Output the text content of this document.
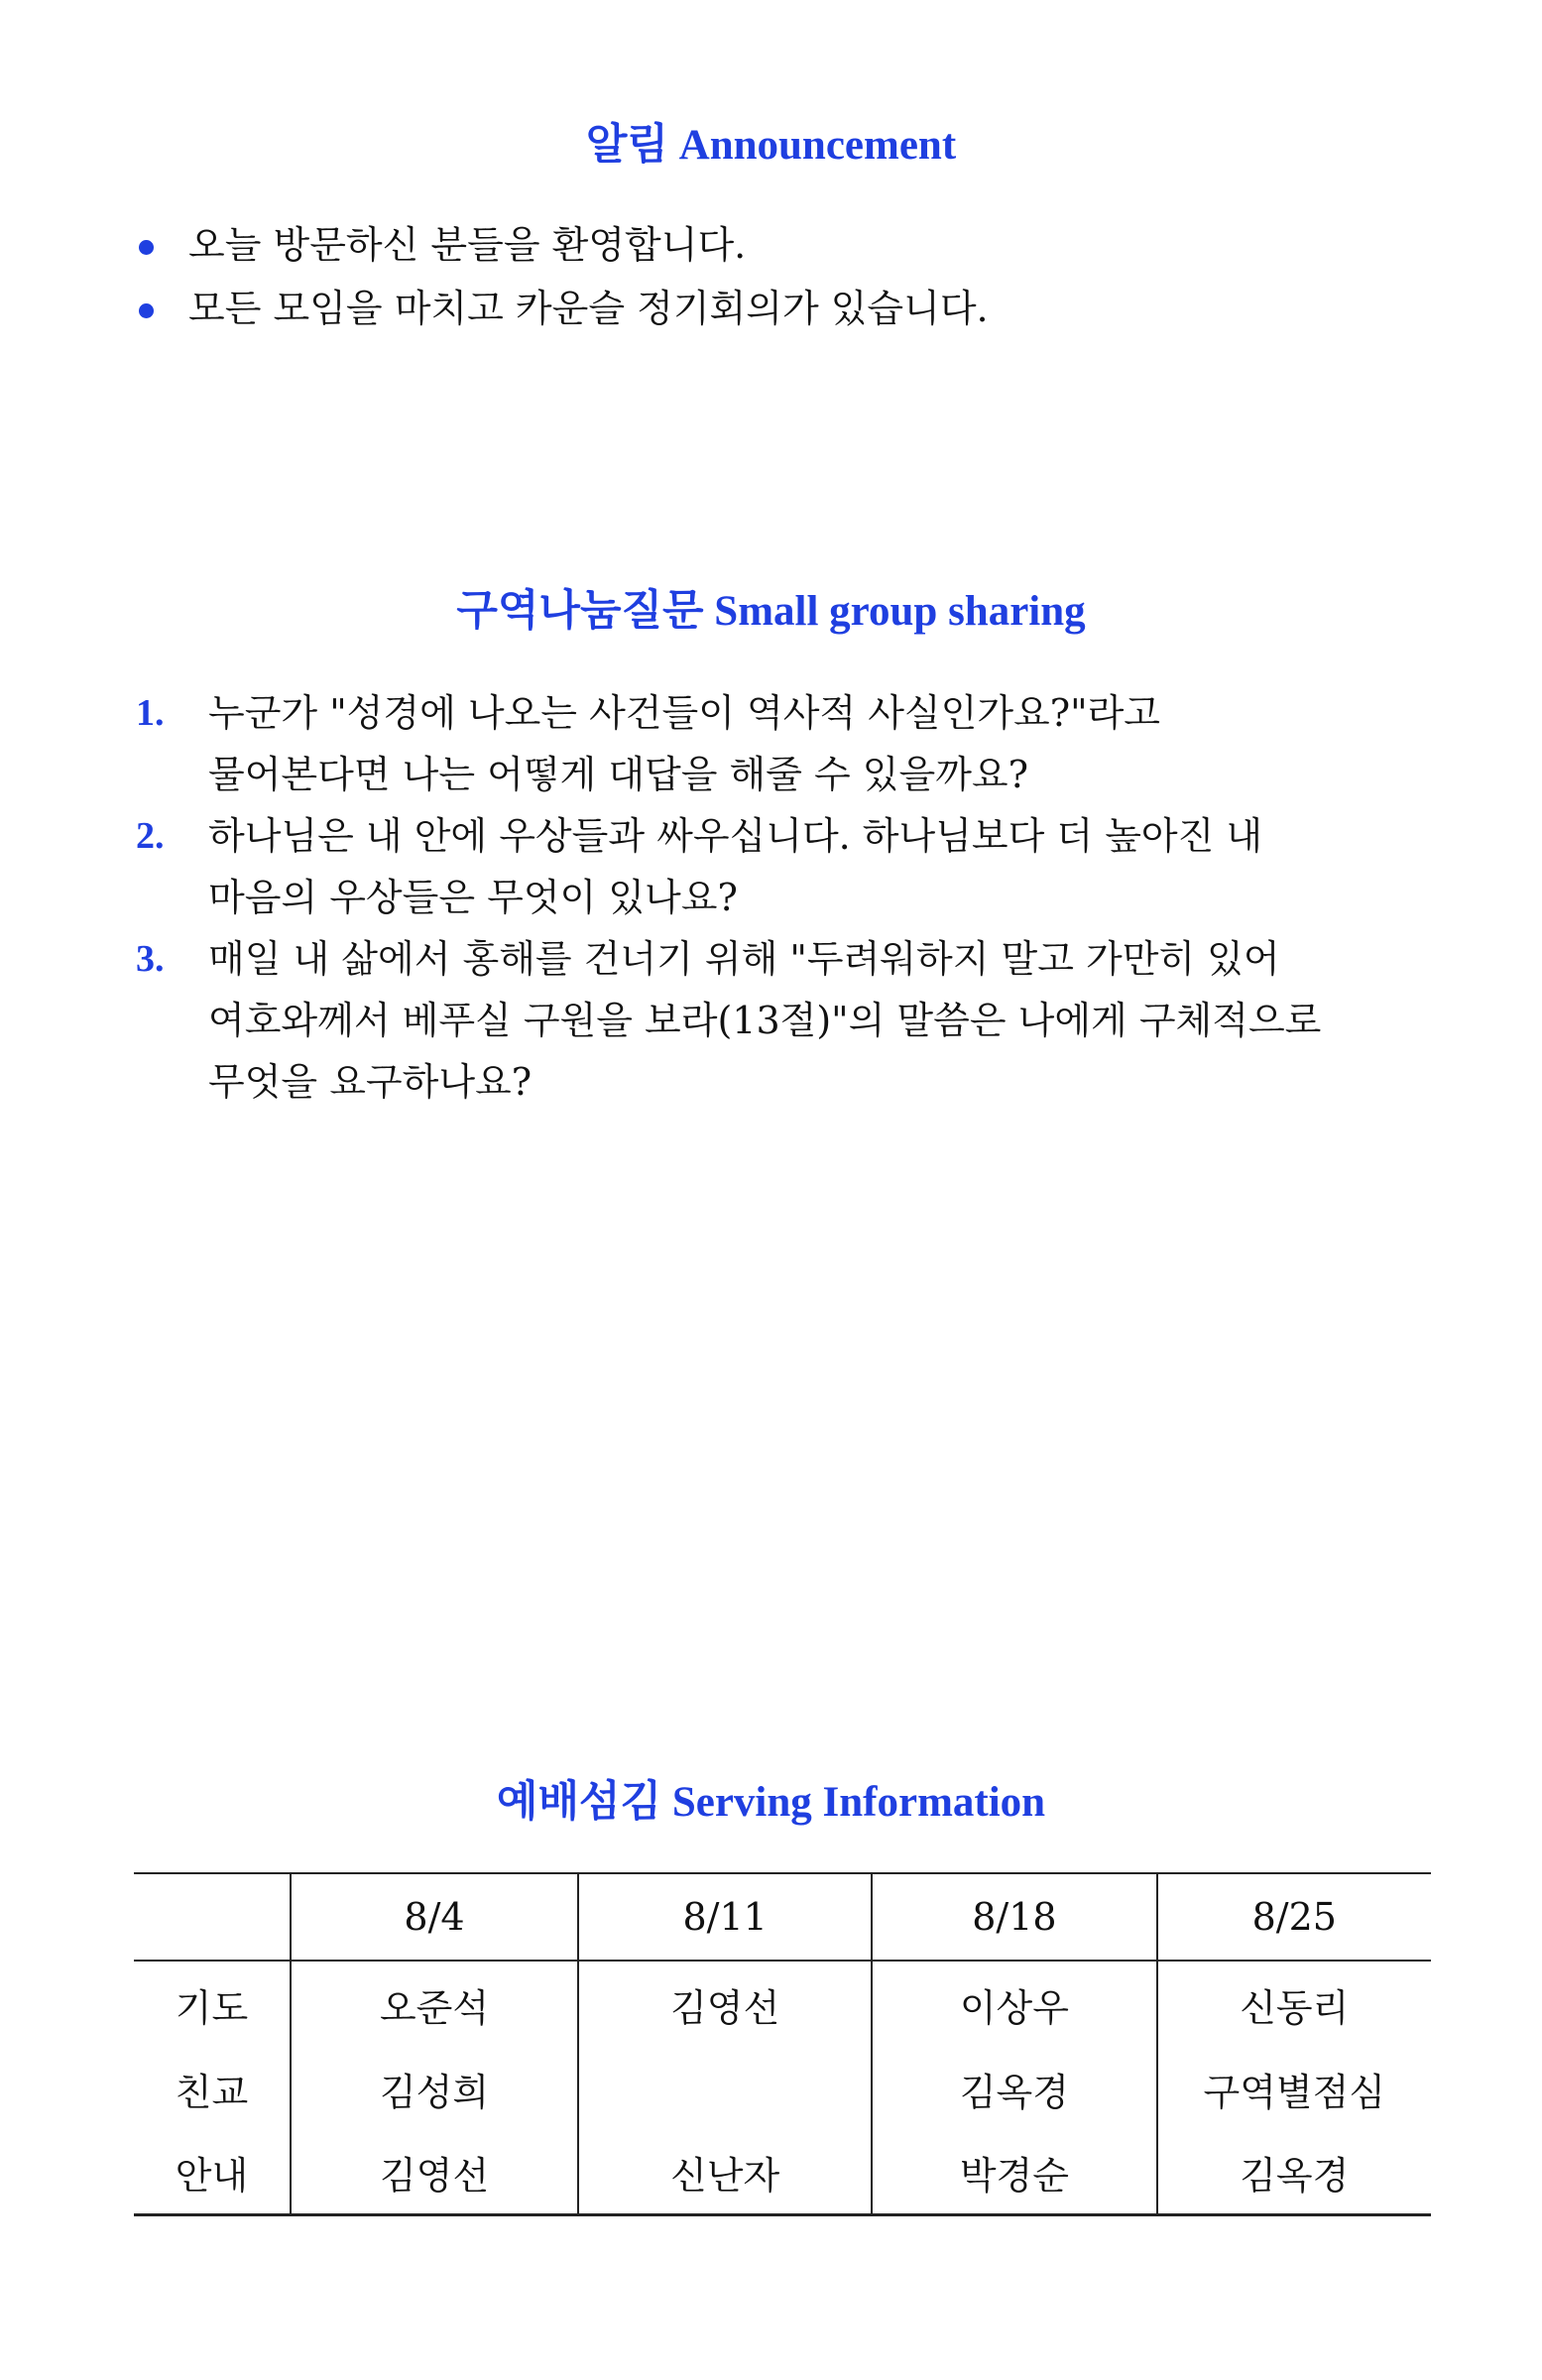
알림 Announcement
오늘 방문하신 분들을 환영합니다.
모든 모임을 마치고 카운슬 정기회의가 있습니다.
구역나눔질문 Small group sharing
1. 누군가 "성경에 나오는 사건들이 역사적 사실인가요?"라고
물어본다면 나는 어떻게 대답을 해줄 수 있을까요?
2. 하나님은 내 안에 우상들과 싸우십니다. 하나님보다 더 높아진 내
마음의 우상들은 무엇이 있나요?
3. 매일 내 삶에서 홍해를 건너기 위해 "두려워하지 말고 가만히 있어
여호와께서 베푸실 구원을 보라(13절)"의 말씀은 나에게 구체적으로
무엇을 요구하나요?
예배섬김 Serving Information
	8/4	8/11	8/18	8/25
기도	오준석	김영선	이상우	신동리
친교	김성희		김옥경	구역별점심
안내	김영선	신난자	박경순	김옥경
